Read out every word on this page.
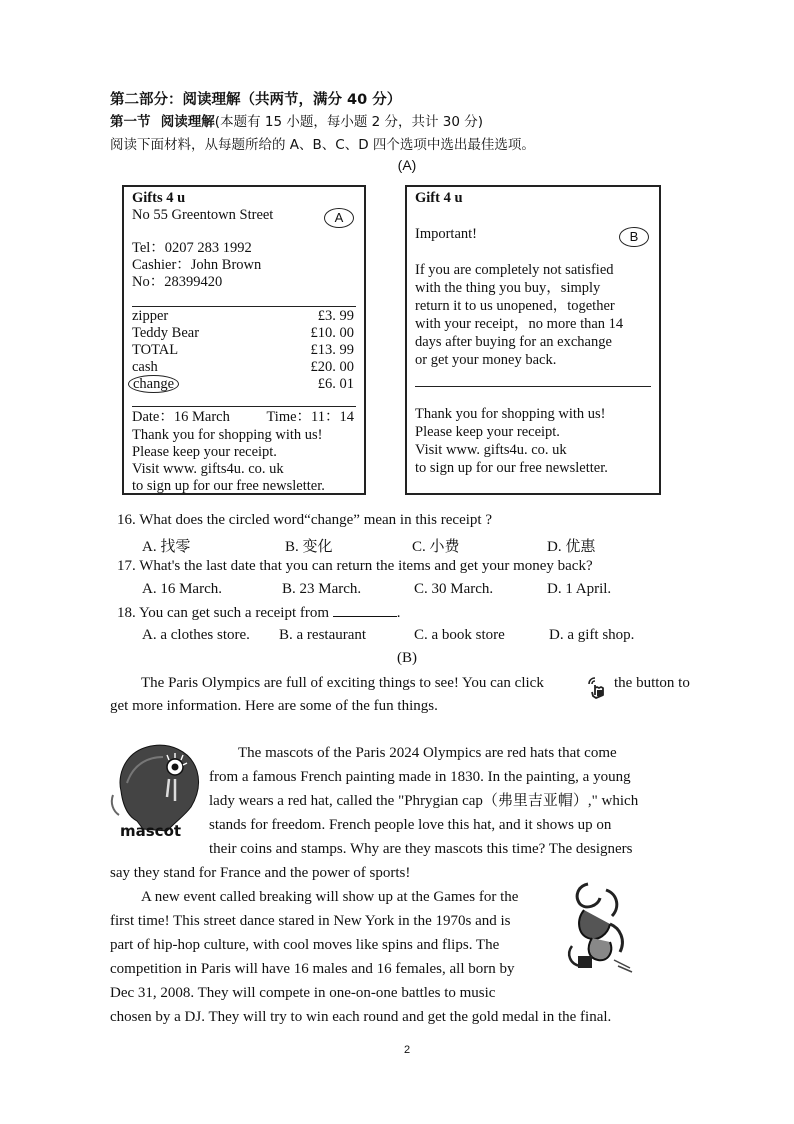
第二部分：阅读理解（共两节，满分 40 分）
第一节 阅读理解(本题有 15 小题，每小题 2 分，共计 30 分)
阅读下面材料，从每题所给的 A、B、C、D 四个选项中选出最佳选项。
(A)
Gifts 4 u
No 55 Greentown Street	A
Tel：0207 283 1992
Cashier：John Brown
No：28399420
zipper	£3. 99
Teddy Bear	£10. 00
TOTAL	£13. 99
cash	£20. 00
change	£6. 01
Date：16 March	Time：11：14
Thank you for shopping with us!
Please keep your receipt.
Visit www. gifts4u. co. uk
to sign up for our free newsletter.
Gift 4 u
Important!	B
If you are completely not satisfied
with the thing you buy，simply
return it to us unopened，together
with your receipt，no more than 14
days after buying for an exchange
or get your money back.
Thank you for shopping with us!
Please keep your receipt.
Visit www. gifts4u. co. uk
to sign up for our free newsletter.
16. What does the circled word“change” mean in this receipt ?
A. 找零	B. 变化	C. 小费	D. 优惠
17. What's the last date that you can return the items and get your money back?
A. 16 March.	B. 23 March.	C. 30 March.	D. 1 April.
18. You can get such a receipt from	.
A. a clothes store. B. a restaurant	C. a book store	D. a gift shop.
(B)
The Paris Olympics are full of exciting things to see! You can click	the button to
get more information. Here are some of the fun things.
mascot
The mascots of the Paris 2024 Olympics are red hats that come
from a famous French painting made in 1830. In the painting, a young
lady wears a red hat, called the "Phrygian cap（弗里吉亚帽）," which
stands for freedom. French people love this hat, and it shows up on
their coins and stamps. Why are they mascots this time? The designers
say they stand for France and the power of sports!
A new event called breaking will show up at the Games for the
first time! This street dance stared in New York in the 1970s and is
part of hip-hop culture, with cool moves like spins and flips. The
competition in Paris will have 16 males and 16 females, all born by
Dec 31, 2008. They will compete in one-on-one battles to music
chosen by a DJ. They will try to win each round and get the gold medal in the final.
2
